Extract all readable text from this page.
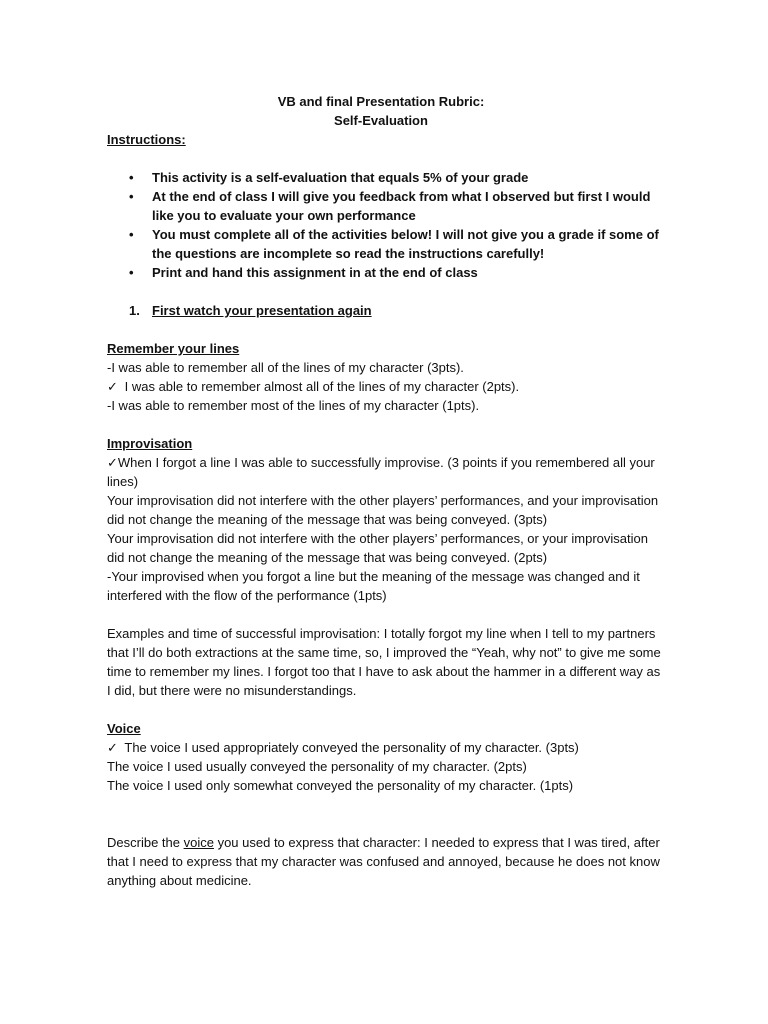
VB and final Presentation Rubric:
Self-Evaluation
Instructions:
• This activity is a self-evaluation that equals 5% of your grade
• At the end of class I will give you feedback from what I observed but first I would like you to evaluate your own performance
• You must complete all of the activities below! I will not give you a grade if some of the questions are incomplete so read the instructions carefully!
• Print and hand this assignment in at the end of class
1. First watch your presentation again
Remember your lines

-I was able to remember all of the lines of my character (3pts).

✓ I was able to remember almost all of the lines of my character (2pts).

-I was able to remember most of the lines of my character (1pts).

Improvisation

✓When I forgot a line I was able to successfully improvise. (3 points if you remembered all your lines)

Your improvisation did not interfere with the other players’ performances, and your improvisation did not change the meaning of the message that was being conveyed. (3pts)

Your improvisation did not interfere with the other players’ performances, or your improvisation did not change the meaning of the message that was being conveyed. (2pts)

-Your improvised when you forgot a line but the meaning of the message was changed and it interfered with the flow of the performance (1pts)

Examples and time of successful improvisation: I totally forgot my line when I tell to my partners that I’ll do both extractions at the same time, so, I improved the “Yeah, why not” to give me some time to remember my lines. I forgot too that I have to ask about the hammer in a different way as I did, but there were no misunderstandings.

Voice

✓ The voice I used appropriately conveyed the personality of my character. (3pts)

The voice I used usually conveyed the personality of my character. (2pts)

The voice I used only somewhat conveyed the personality of my character. (1pts)

Describe the voice you used to express that character: I needed to express that I was tired, after that I need to express that my character was confused and annoyed, because he does not know anything about medicine.
